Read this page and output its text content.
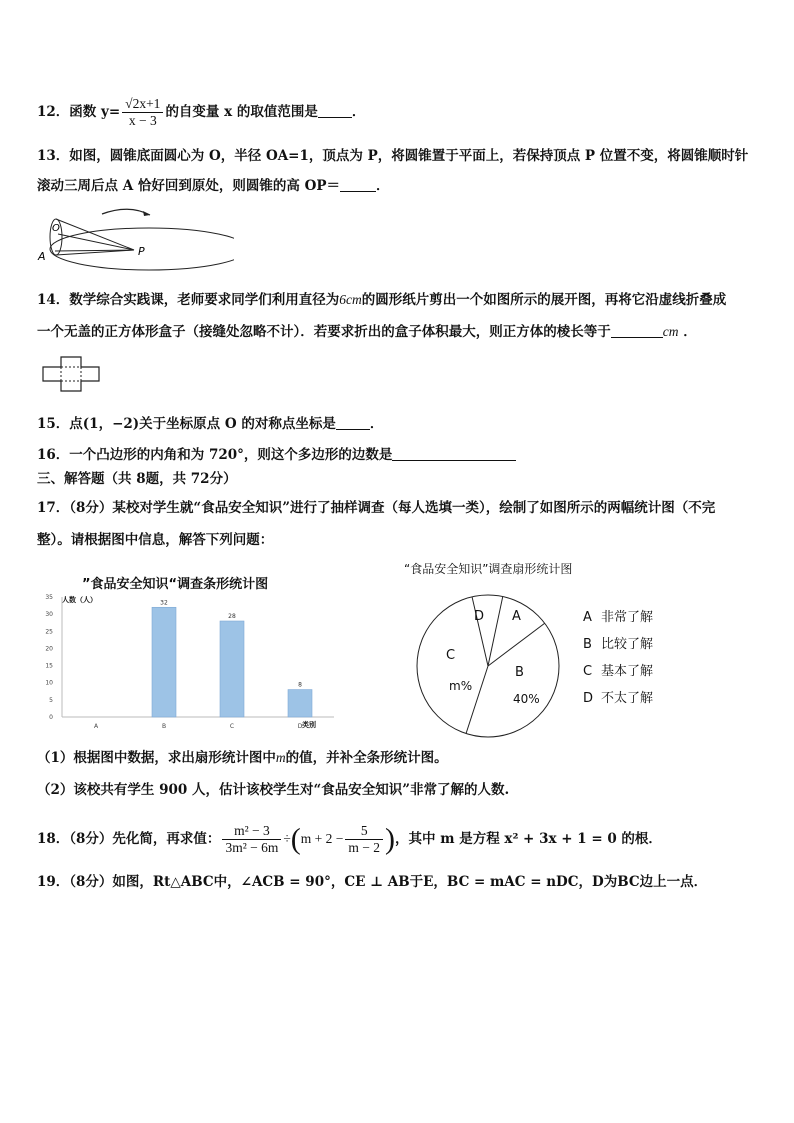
12．函数 $y= \frac{√2x+1}{x - 3}$ 的自变量 x 的取值范围是	．
13．如图，圆锥底面圆心为 O，半径 OA=1，顶点为 P，将圆锥置于平面上，若保持顶点 P 位置不变，将圆锥顺时针
滚动三周后点 A 恰好回到原处，则圆锥的高 OP＝	．
O
A	P
14．数学综合实践课，老师要求同学们利用直径为6cm的圆形纸片剪出一个如图所示的展开图，再将它沿虚线折叠成
一个无盖的正方体形盒子（接缝处忽略不计）．若要求折出的盒子体积最大，则正方体的棱长等于	cm ．
15．点(1，−2)关于坐标原点 O 的对称点坐标是	．
16．一个凸边形的内角和为 720°，则这个多边形的边数是
三、解答题（共 8题，共 72分）
17．（8分）某校对学生就“食品安全知识”进行了抽样调查（每人选填一类），绘制了如图所示的两幅统计图（不完
整）。请根据图中信息，解答下列问题：
”食品安全知识“调查条形统计图
人数（人）
类别
0
5
10
15
20
25
30
35
A	B	C	D
32
28
8
“食品安全知识”调查扇形统计图
A
B
40%
C
m%
D	A 非常了解
B 比较了解
C 基本了解
D 不太了解
（1）根据图中数据，求出扇形统计图中m的值，并补全条形统计图。
（2）该校共有学生 900 人，估计该校学生对“食品安全知识”非常了解的人数.
18．（8分）先化简，再求值： $\frac{\text{m² − 3}}{\text{3m² − 6m}} \div(m + 2 - \frac{5}{m - 2}$ )，其中 m 是方程 x² + 3x + 1 = 0 的根．
19．（8分）如图，Rt△ABC中，∠ACB = 90°，CE ⊥ AB于E，BC = mAC = nDC，D为BC边上一点．
